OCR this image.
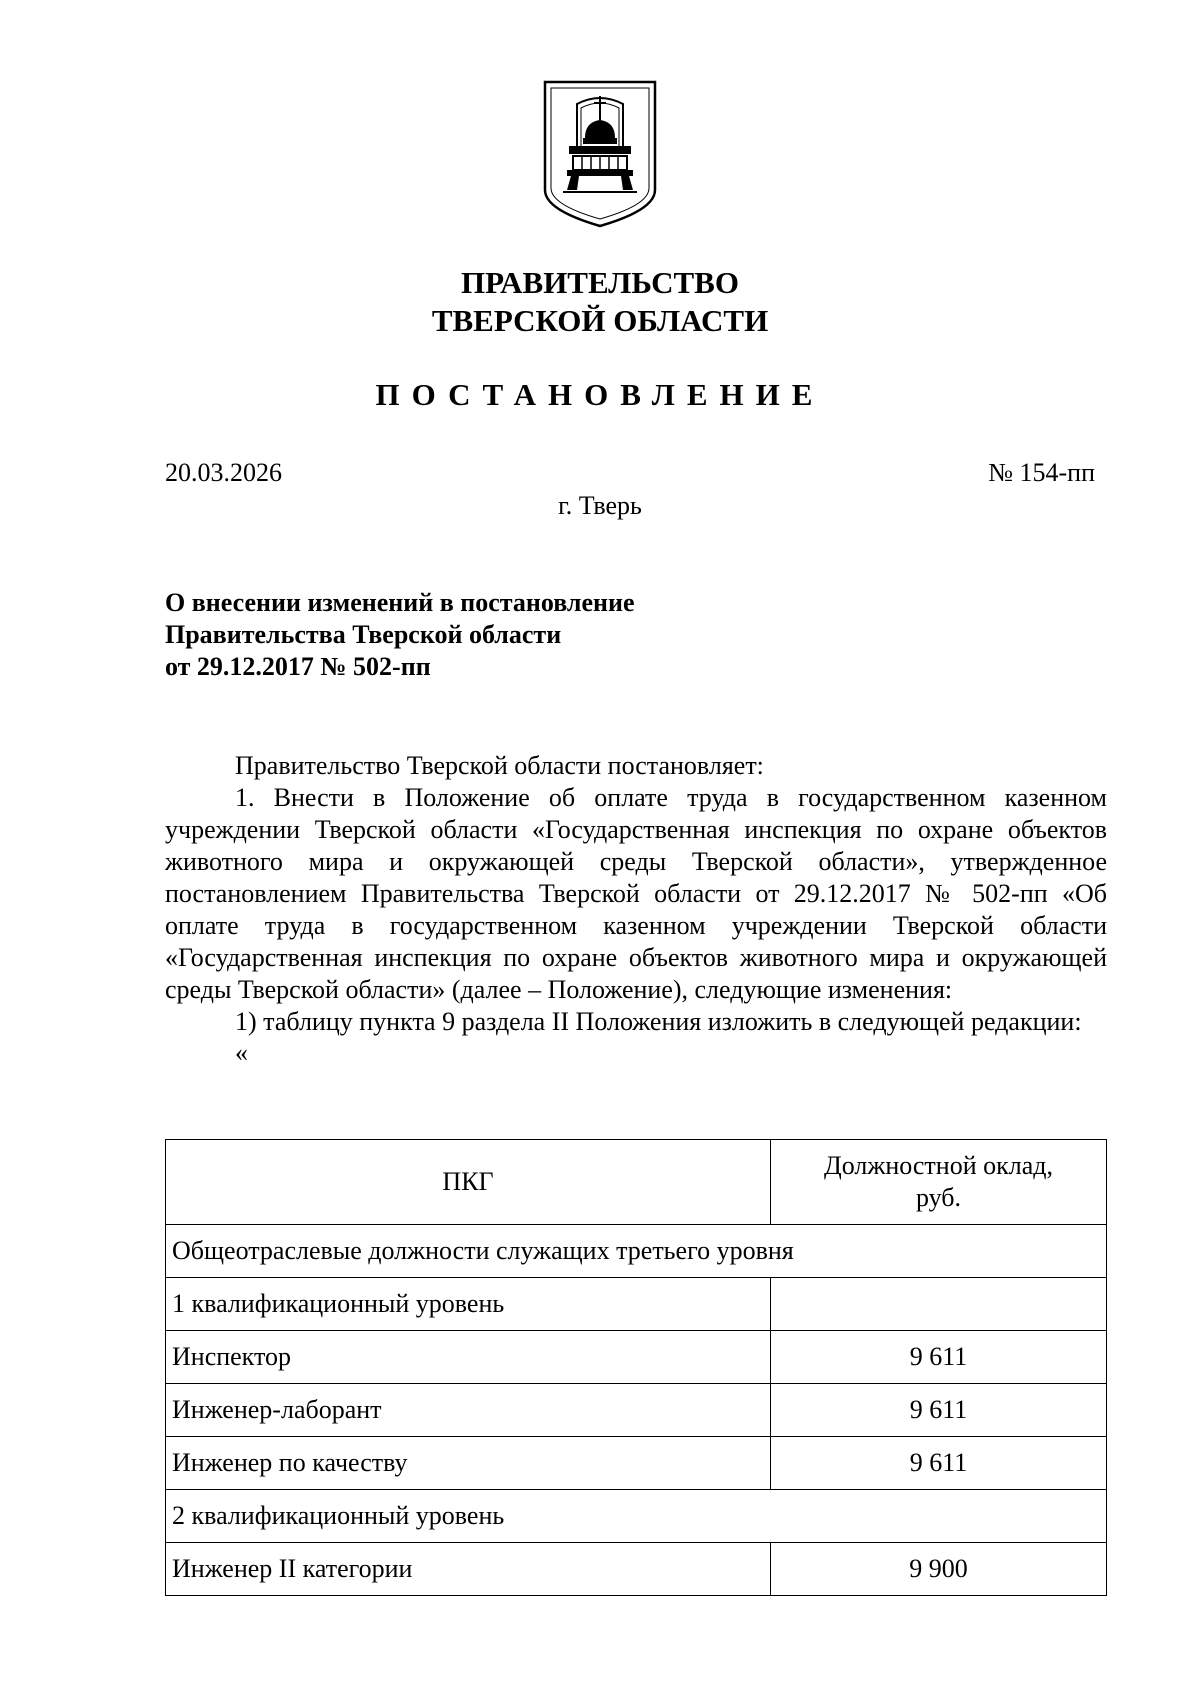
ПРАВИТЕЛЬСТВО
ТВЕРСКОЙ ОБЛАСТИ
ПОСТАНОВЛЕНИЕ
20.03.2026	№ 154-пп
г. Тверь
О внесении изменений в постановление
Правительства Тверской области
от 29.12.2017 № 502-пп

Правительство Тверской области постановляет:

1. Внести в Положение об оплате труда в государственном казенном учреждении Тверской области «Государственная инспекция по охране объектов животного мира и окружающей среды Тверской области», утвержденное постановлением Правительства Тверской области от 29.12.2017 № 502-пп «Об оплате труда в государственном казенном учреждении Тверской области «Государственная инспекция по охране объектов животного мира и окружающей среды Тверской области» (далее – Положение), следующие изменения:

1) таблицу пункта 9 раздела II Положения изложить в следующей редакции:

«

ПКГ	Должностной оклад,
руб.

Общеотраслевые должности служащих третьего уровня	
1 квалификационный уровень	
Инспектор	9 611
Инженер-лаборант	9 611
Инженер по качеству	9 611
2 квалификационный уровень	
Инженер II категории	9 900
